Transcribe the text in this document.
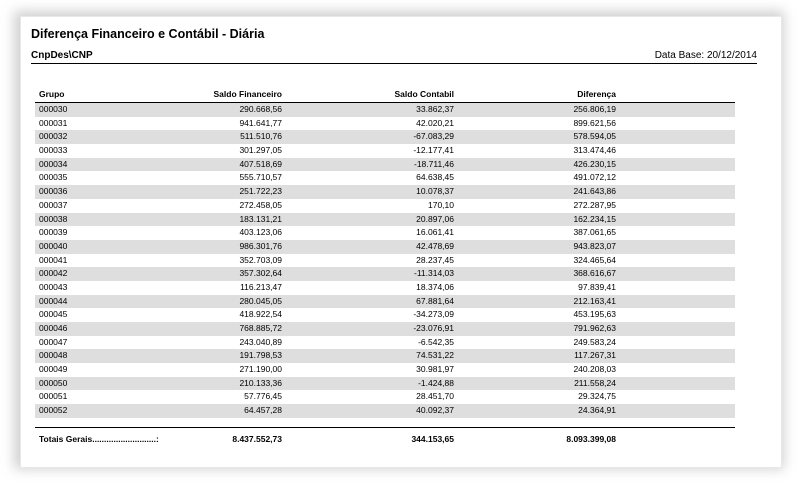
Diferença Financeiro e Contábil - Diária
CnpDes\CNP	Data Base: 20/12/2014
Grupo	Saldo Financeiro	Saldo Contabil	Diferença
000030	290.668,56	33.862,37	256.806,19
000031	941.641,77	42.020,21	899.621,56
000032	511.510,76	-67.083,29	578.594,05
000033	301.297,05	-12.177,41	313.474,46
000034	407.518,69	-18.711,46	426.230,15
000035	555.710,57	64.638,45	491.072,12
000036	251.722,23	10.078,37	241.643,86
000037	272.458,05	170,10	272.287,95
000038	183.131,21	20.897,06	162.234,15
000039	403.123,06	16.061,41	387.061,65
000040	986.301,76	42.478,69	943.823,07
000041	352.703,09	28.237,45	324.465,64
000042	357.302,64	-11.314,03	368.616,67
000043	116.213,47	18.374,06	97.839,41
000044	280.045,05	67.881,64	212.163,41
000045	418.922,54	-34.273,09	453.195,63
000046	768.885,72	-23.076,91	791.962,63
000047	243.040,89	-6.542,35	249.583,24
000048	191.798,53	74.531,22	117.267,31
000049	271.190,00	30.981,97	240.208,03
000050	210.133,36	-1.424,88	211.558,24
000051	57.776,45	28.451,70	29.324,75
000052	64.457,28	40.092,37	24.364,91
Totais Gerais...........................:	8.437.552,73	344.153,65	8.093.399,08
